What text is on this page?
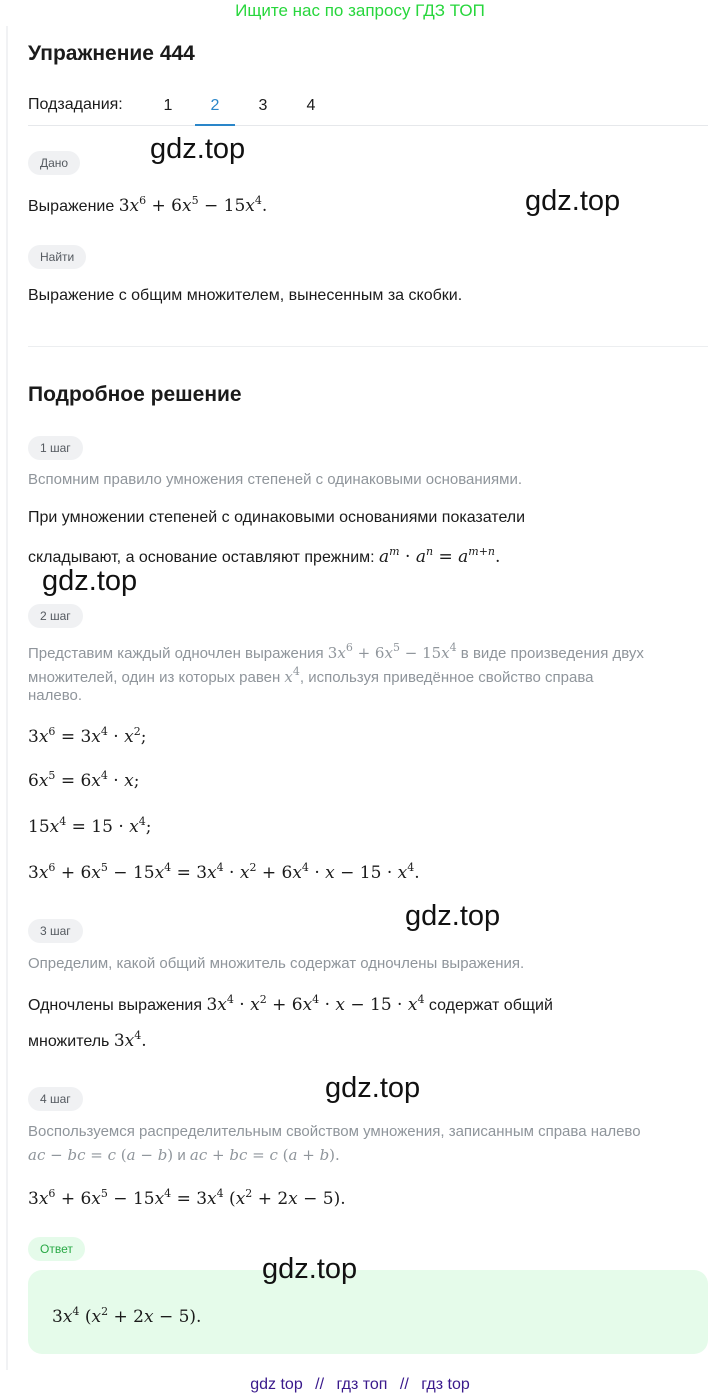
Ищите нас по запросу ГДЗ ТОП
Упражнение 444
Подзадания:	1	2	3	4
Дано
Выражение $3x^6 + 6x^5 - 15x^4$.
Найти
Выражение с общим множителем, вынесенным за скобки.
Подробное решение
1 шаг
Вспомним правило умножения степеней с одинаковыми основаниями.
При умножении степеней с одинаковыми основаниями показатели
складывают, а основание оставляют прежним: $a^m \cdot a^n = a^{m+n}$.
2 шаг
Представим каждый одночлен выражения $3x^6 + 6x^5 - 15x^4$ в виде произведения двух
множителей, один из которых равен $x^4$, используя приведённое свойство справа
налево.
$3x^6 = 3x^4 \cdot x^2$;
$6x^5 = 6x^4 \cdot x$;
$15x^4 = 15 \cdot x^4$;
$3x^6 + 6x^5 - 15x^4 = 3x^4 \cdot x^2 + 6x^4 \cdot x - 15 \cdot x^4$.
3 шаг
Определим, какой общий множитель содержат одночлены выражения.
Одночлены выражения $3x^4 \cdot x^2 + 6x^4 \cdot x - 15 \cdot x^4$ содержат общий
множитель $3x^4$.
4 шаг
Воспользуемся распределительным свойством умножения, записанным справа налево
ac − bc = c (a − b) и ac + bc = c (a + b).
$3x^6 + 6x^5 - 15x^4 = 3x^4$ $(x^2 + 2x - 5)$.
Ответ
$3x^4$ $(x^2 + 2x - 5)$.
gdz.top
gdz.top
gdz.top
gdz.top
gdz.top
gdz.top
gdz top // гдз топ // гдз top
